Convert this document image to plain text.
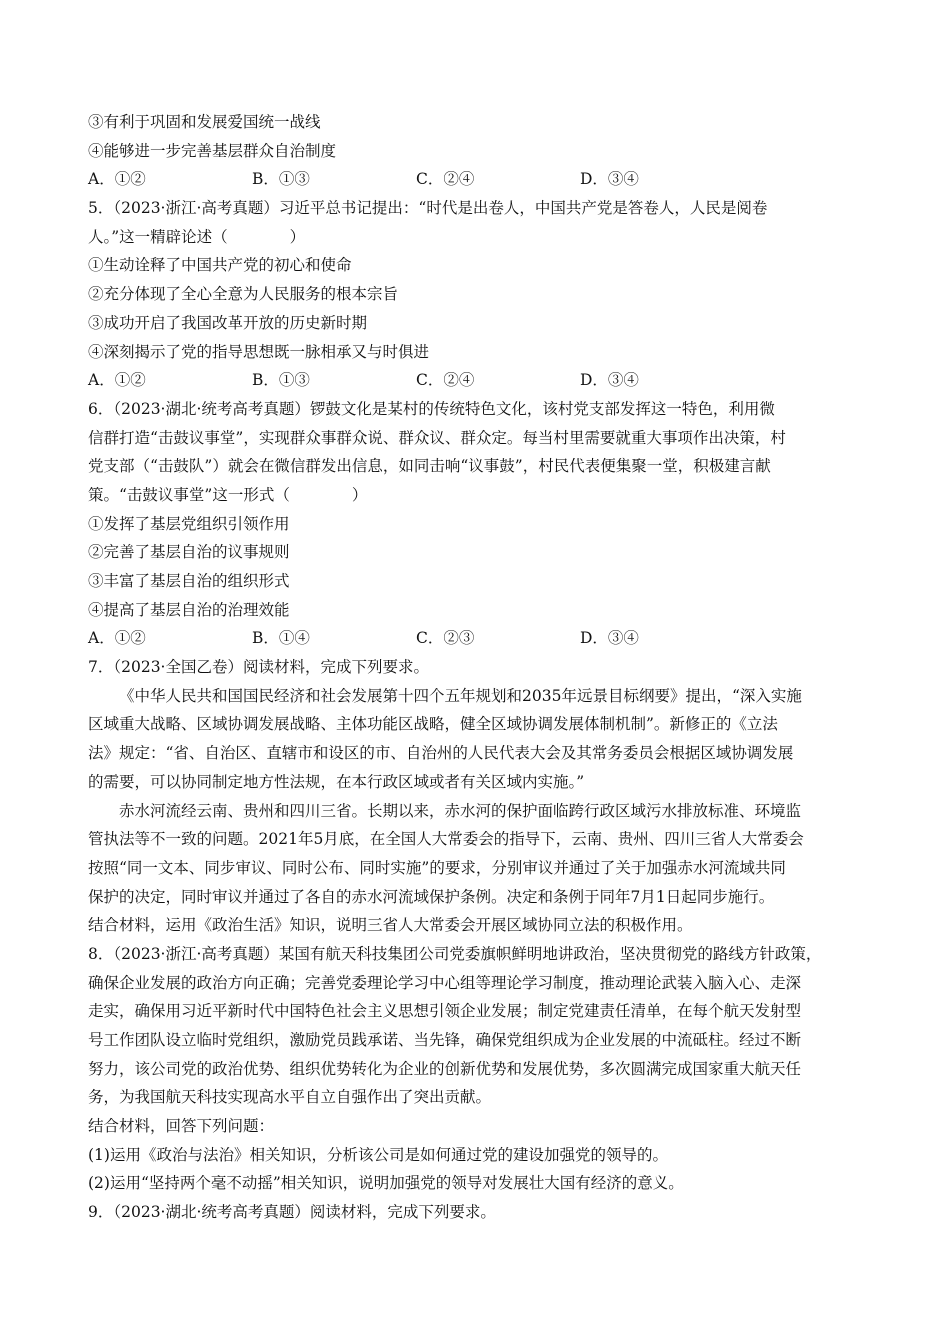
③有利于巩固和发展爱国统一战线
④能够进一步完善基层群众自治制度
A．①②	B．①③	C．②④	D．③④
5．（2023·浙江·高考真题）习近平总书记提出：“时代是出卷人，中国共产党是答卷人，人民是阅卷
人。”这一精辟论述（　　　　）
①生动诠释了中国共产党的初心和使命
②充分体现了全心全意为人民服务的根本宗旨
③成功开启了我国改革开放的历史新时期
④深刻揭示了党的指导思想既一脉相承又与时俱进
A．①②	B．①③	C．②④	D．③④
6．（2023·湖北·统考高考真题）锣鼓文化是某村的传统特色文化，该村党支部发挥这一特色，利用微
信群打造“击鼓议事堂”，实现群众事群众说、群众议、群众定。每当村里需要就重大事项作出决策，村
党支部（“击鼓队”）就会在微信群发出信息，如同击响“议事鼓”，村民代表便集聚一堂，积极建言献
策。“击鼓议事堂”这一形式（　　　　）
①发挥了基层党组织引领作用
②完善了基层自治的议事规则
③丰富了基层自治的组织形式
④提高了基层自治的治理效能
A．①②	B．①④	C．②③	D．③④
7．（2023·全国乙卷）阅读材料，完成下列要求。
《中华人民共和国国民经济和社会发展第十四个五年规划和2035年远景目标纲要》提出，“深入实施
区域重大战略、区域协调发展战略、主体功能区战略，健全区域协调发展体制机制”。新修正的《立法
法》规定：“省、自治区、直辖市和设区的市、自治州的人民代表大会及其常务委员会根据区域协调发展
的需要，可以协同制定地方性法规，在本行政区域或者有关区域内实施。”
赤水河流经云南、贵州和四川三省。长期以来，赤水河的保护面临跨行政区域污水排放标准、环境监
管执法等不一致的问题。2021年5月底，在全国人大常委会的指导下，云南、贵州、四川三省人大常委会
按照“同一文本、同步审议、同时公布、同时实施”的要求，分别审议并通过了关于加强赤水河流域共同
保护的决定，同时审议并通过了各自的赤水河流域保护条例。决定和条例于同年7月1日起同步施行。
结合材料，运用《政治生活》知识，说明三省人大常委会开展区域协同立法的积极作用。
8．（2023·浙江·高考真题）某国有航天科技集团公司党委旗帜鲜明地讲政治，坚决贯彻党的路线方针政策，
确保企业发展的政治方向正确；完善党委理论学习中心组等理论学习制度，推动理论武装入脑入心、走深
走实，确保用习近平新时代中国特色社会主义思想引领企业发展；制定党建责任清单，在每个航天发射型
号工作团队设立临时党组织，激励党员践承诺、当先锋，确保党组织成为企业发展的中流砥柱。经过不断
努力，该公司党的政治优势、组织优势转化为企业的创新优势和发展优势，多次圆满完成国家重大航天任
务，为我国航天科技实现高水平自立自强作出了突出贡献。
结合材料，回答下列问题：
(1)运用《政治与法治》相关知识，分析该公司是如何通过党的建设加强党的领导的。
(2)运用“坚持两个毫不动摇”相关知识，说明加强党的领导对发展壮大国有经济的意义。
9．（2023·湖北·统考高考真题）阅读材料，完成下列要求。
